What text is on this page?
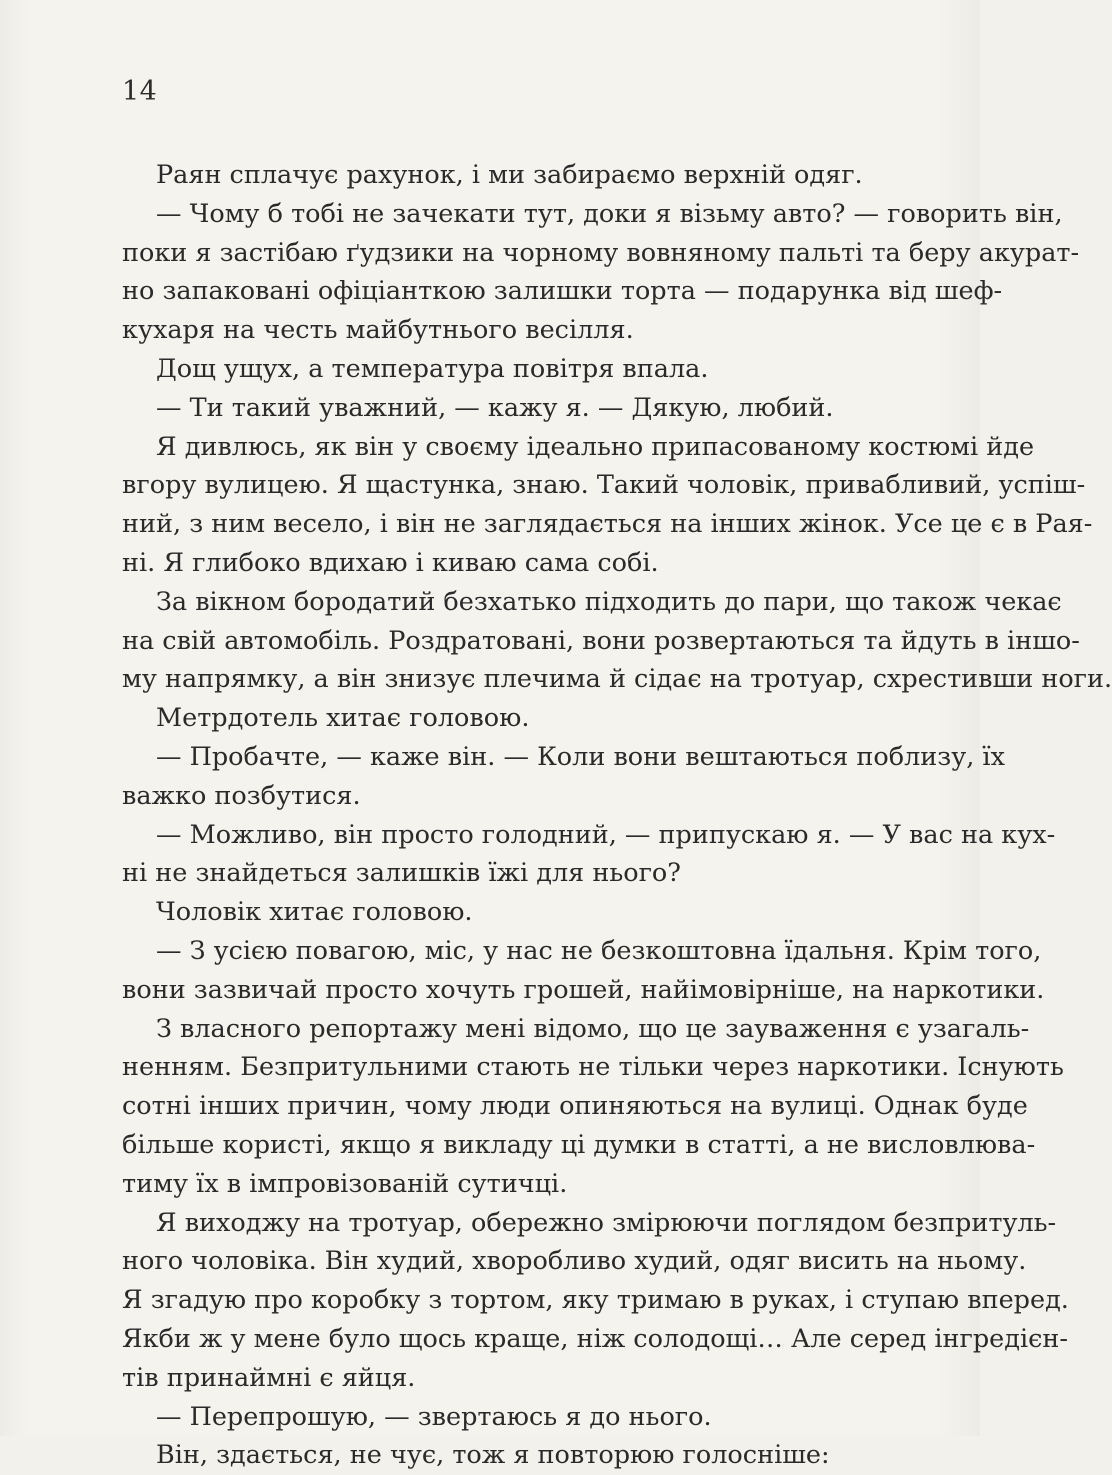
14
Раян сплачує рахунок, і ми забираємо верхній одяг.
— Чому б тобі не зачекати тут, доки я візьму авто? — говорить він,
поки я застібаю ґудзики на чорному вовняному пальті та беру акурат-
но запаковані офіціанткою залишки торта — подарунка від шеф-
кухаря на честь майбутнього весілля.
Дощ ущух, а температура повітря впала.
— Ти такий уважний, — кажу я. — Дякую, любий.
Я дивлюсь, як він у своєму ідеально припасованому костюмі йде
вгору вулицею. Я щастунка, знаю. Такий чоловік, привабливий, успіш-
ний, з ним весело, і він не заглядається на інших жінок. Усе це є в Рая-
ні. Я глибоко вдихаю і киваю сама собі.
За вікном бородатий безхатько підходить до пари, що також чекає
на свій автомобіль. Роздратовані, вони розвертаються та йдуть в іншо-
му напрямку, а він знизує плечима й сідає на тротуар, схрестивши ноги.
Метрдотель хитає головою.
— Пробачте, — каже він. — Коли вони вештаються поблизу, їх
важко позбутися.
— Можливо, він просто голодний, — припускаю я. — У вас на кух-
ні не знайдеться залишків їжі для нього?
Чоловік хитає головою.
— З усією повагою, міс, у нас не безкоштовна їдальня. Крім того,
вони зазвичай просто хочуть грошей, найімовірніше, на наркотики.
З власного репортажу мені відомо, що це зауваження є узагаль-
ненням. Безпритульними стають не тільки через наркотики. Існують
сотні інших причин, чому люди опиняються на вулиці. Однак буде
більше користі, якщо я викладу ці думки в статті, а не висловлюва-
тиму їх в імпровізованій сутичці.
Я виходжу на тротуар, обережно змірюючи поглядом безпритуль-
ного чоловіка. Він худий, хворобливо худий, одяг висить на ньому.
Я згадую про коробку з тортом, яку тримаю в руках, і ступаю вперед.
Якби ж у мене було щось краще, ніж солодощі… Але серед інгредієн-
тів принаймні є яйця.
— Перепрошую, — звертаюсь я до нього.
Він, здається, не чує, тож я повторюю голосніше:
